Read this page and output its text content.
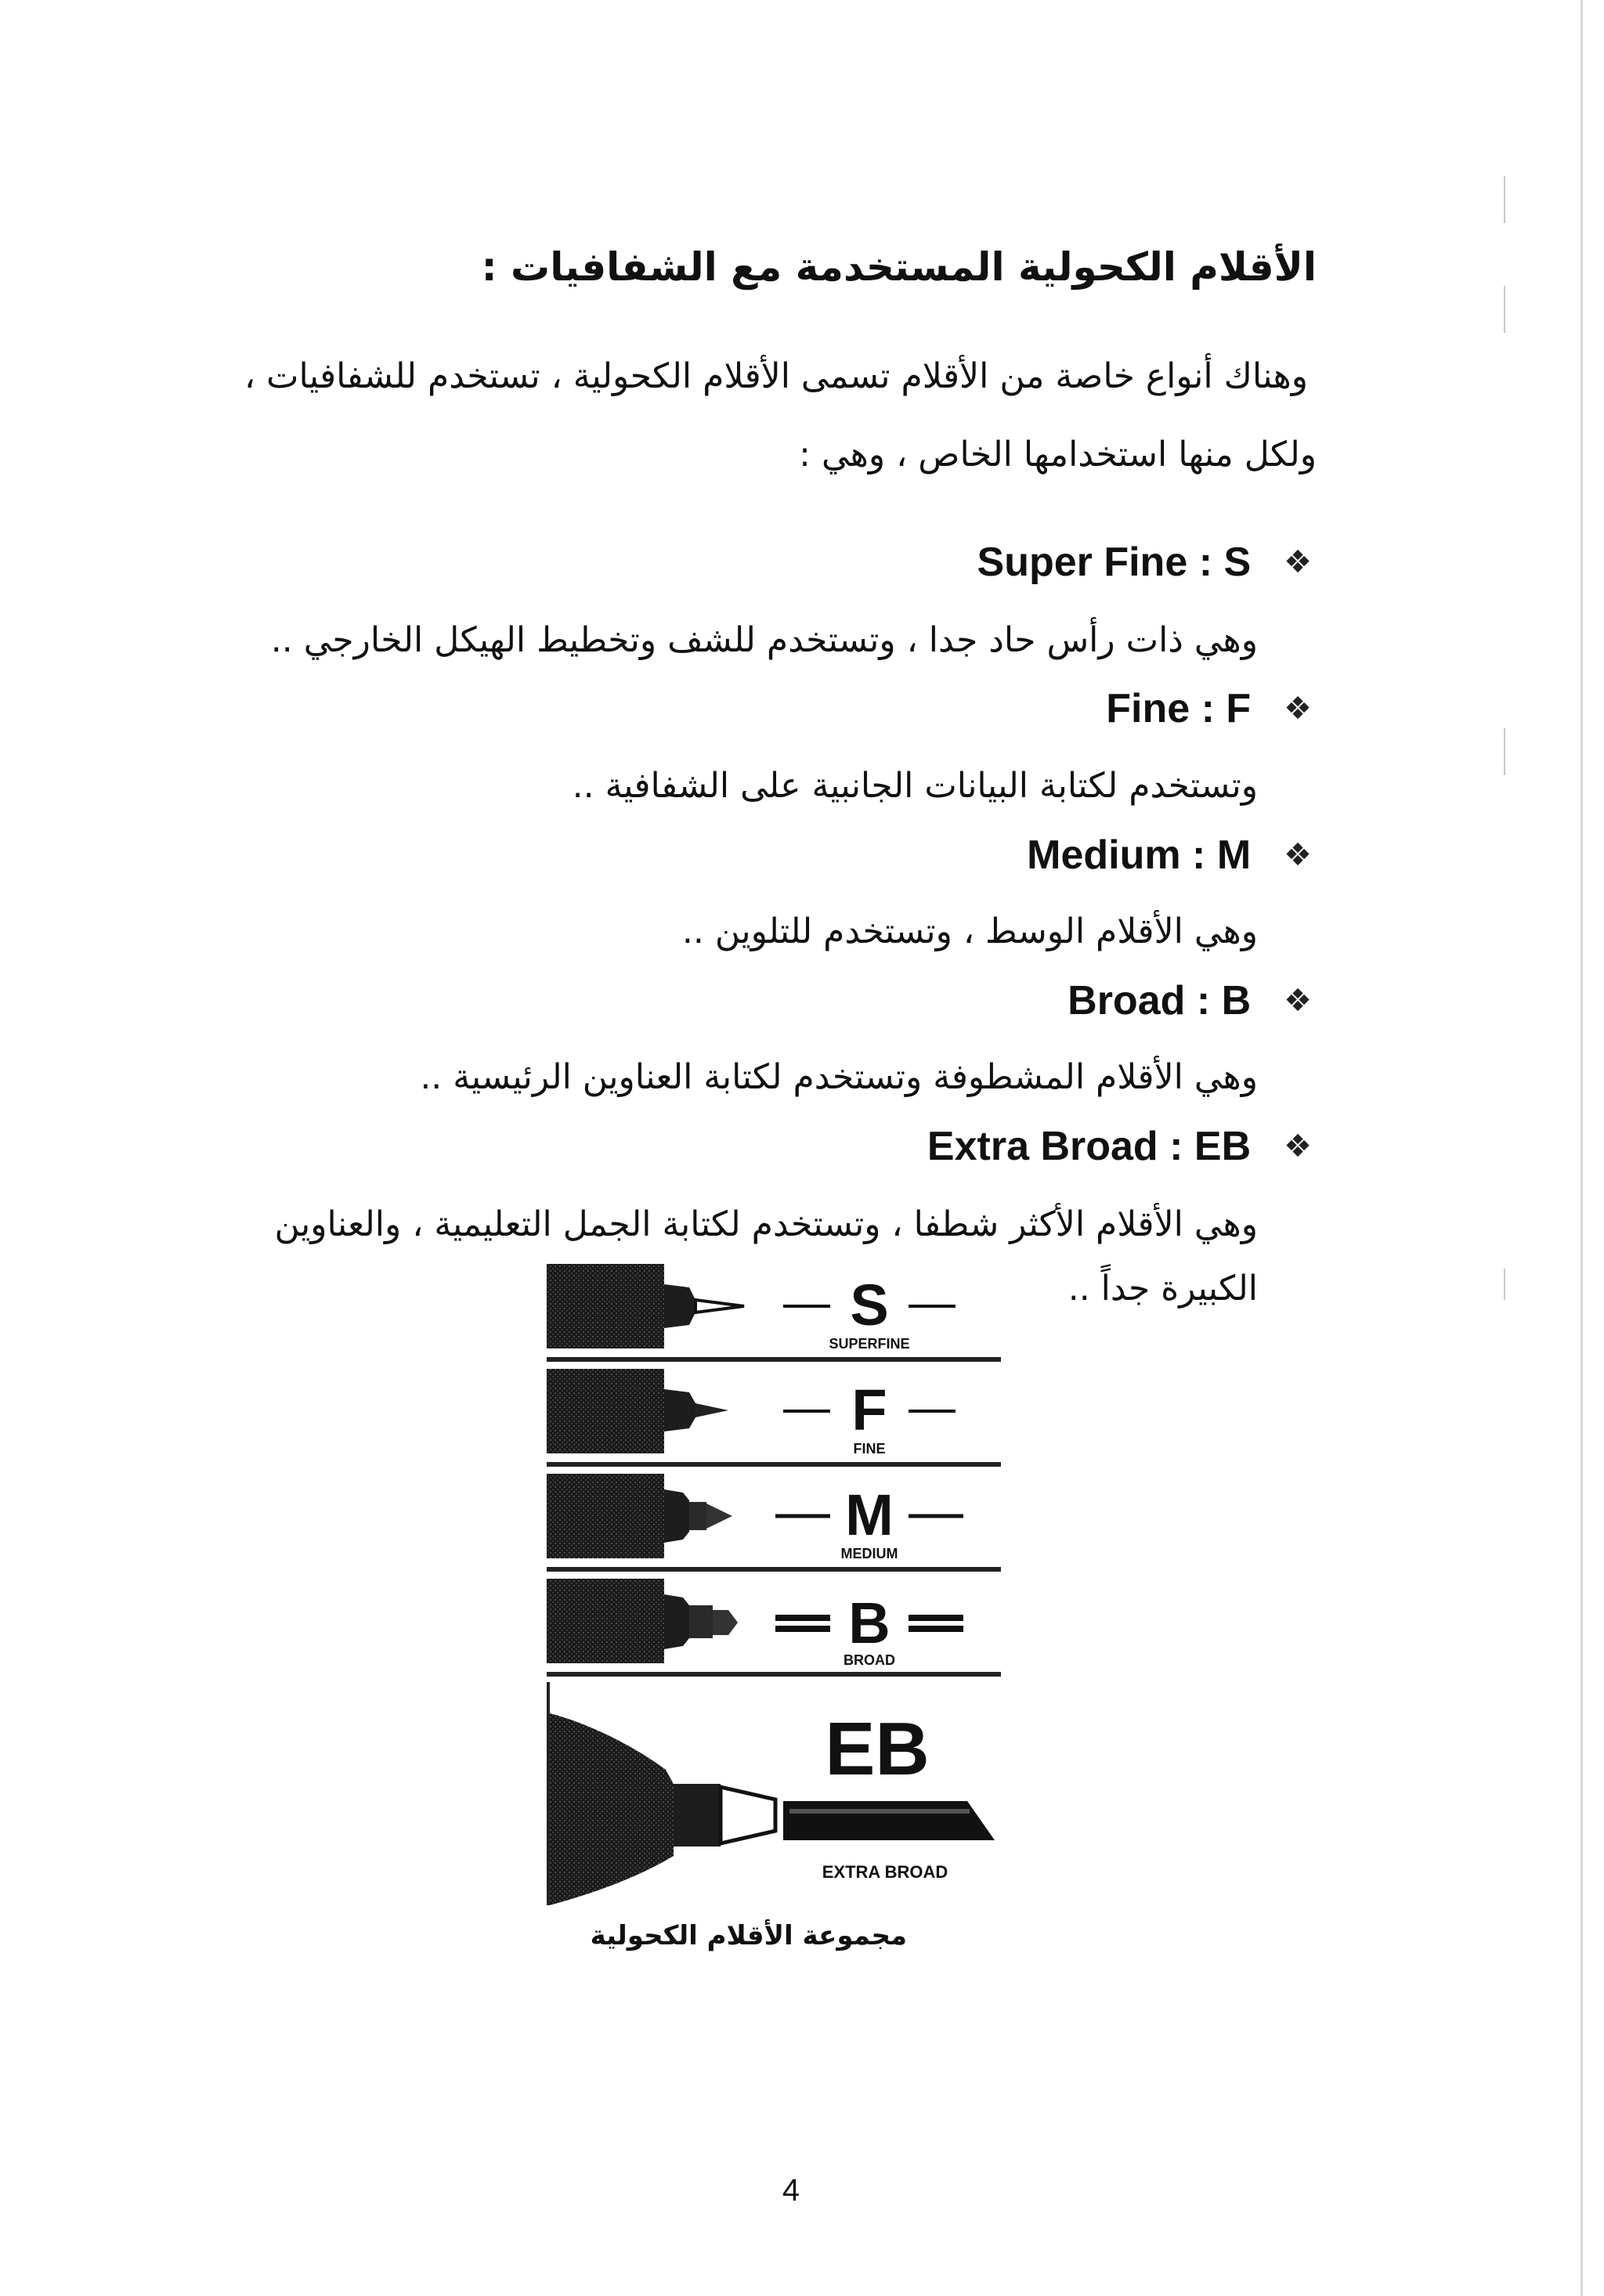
الأقلام الكحولية المستخدمة مع الشفافيات :
وهناك أنواع خاصة من الأقلام تسمى الأقلام الكحولية ، تستخدم للشفافيات ،
ولكل منها استخدامها الخاص ، وهي :
Super Fine : S ❖
وهي ذات رأس حاد جدا ، وتستخدم للشف وتخطيط الهيكل الخارجي ..
Fine : F ❖
وتستخدم لكتابة البيانات الجانبية على الشفافية ..
Medium : M ❖
وهي الأقلام الوسط ، وتستخدم للتلوين ..
Broad : B ❖
وهي الأقلام المشطوفة وتستخدم لكتابة العناوين الرئيسية ..
Extra Broad : EB ❖
وهي الأقلام الأكثر شطفا ، وتستخدم لكتابة الجمل التعليمية ، والعناوين
الكبيرة جداً ..
S
SUPERFINE
F
FINE
M
MEDIUM
B
BROAD
EB
EXTRA BROAD
مجموعة الأقلام الكحولية
4
